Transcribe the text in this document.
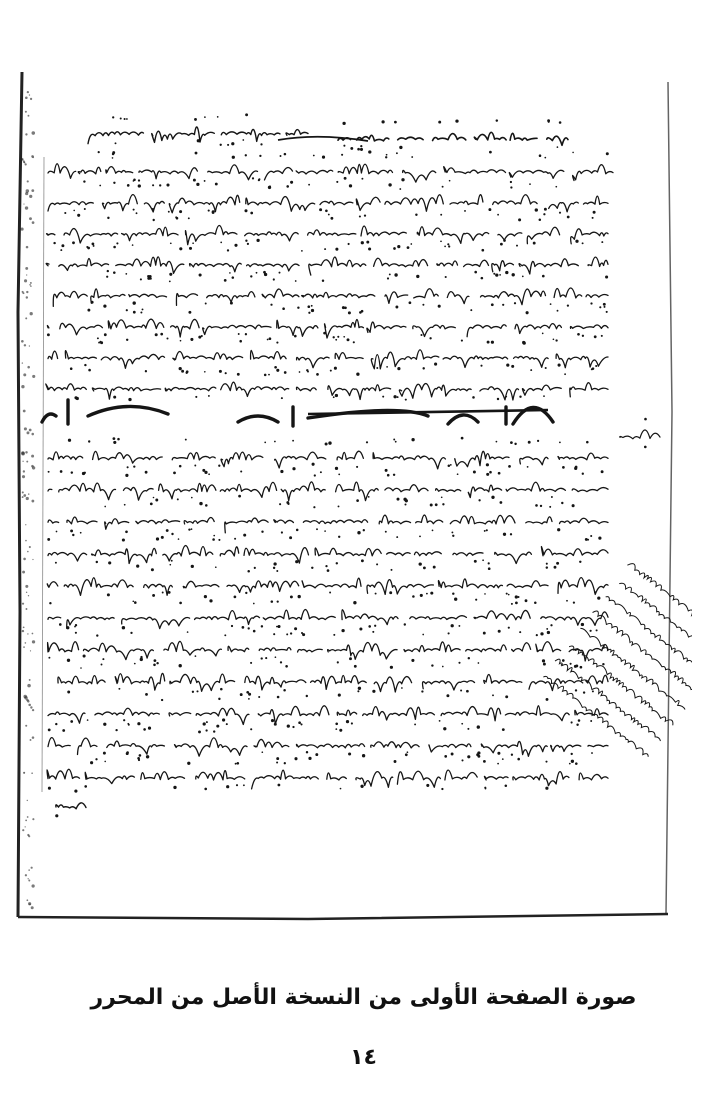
صورة الصفحة الأولى من النسخة الأصل من المحرر
١٤
